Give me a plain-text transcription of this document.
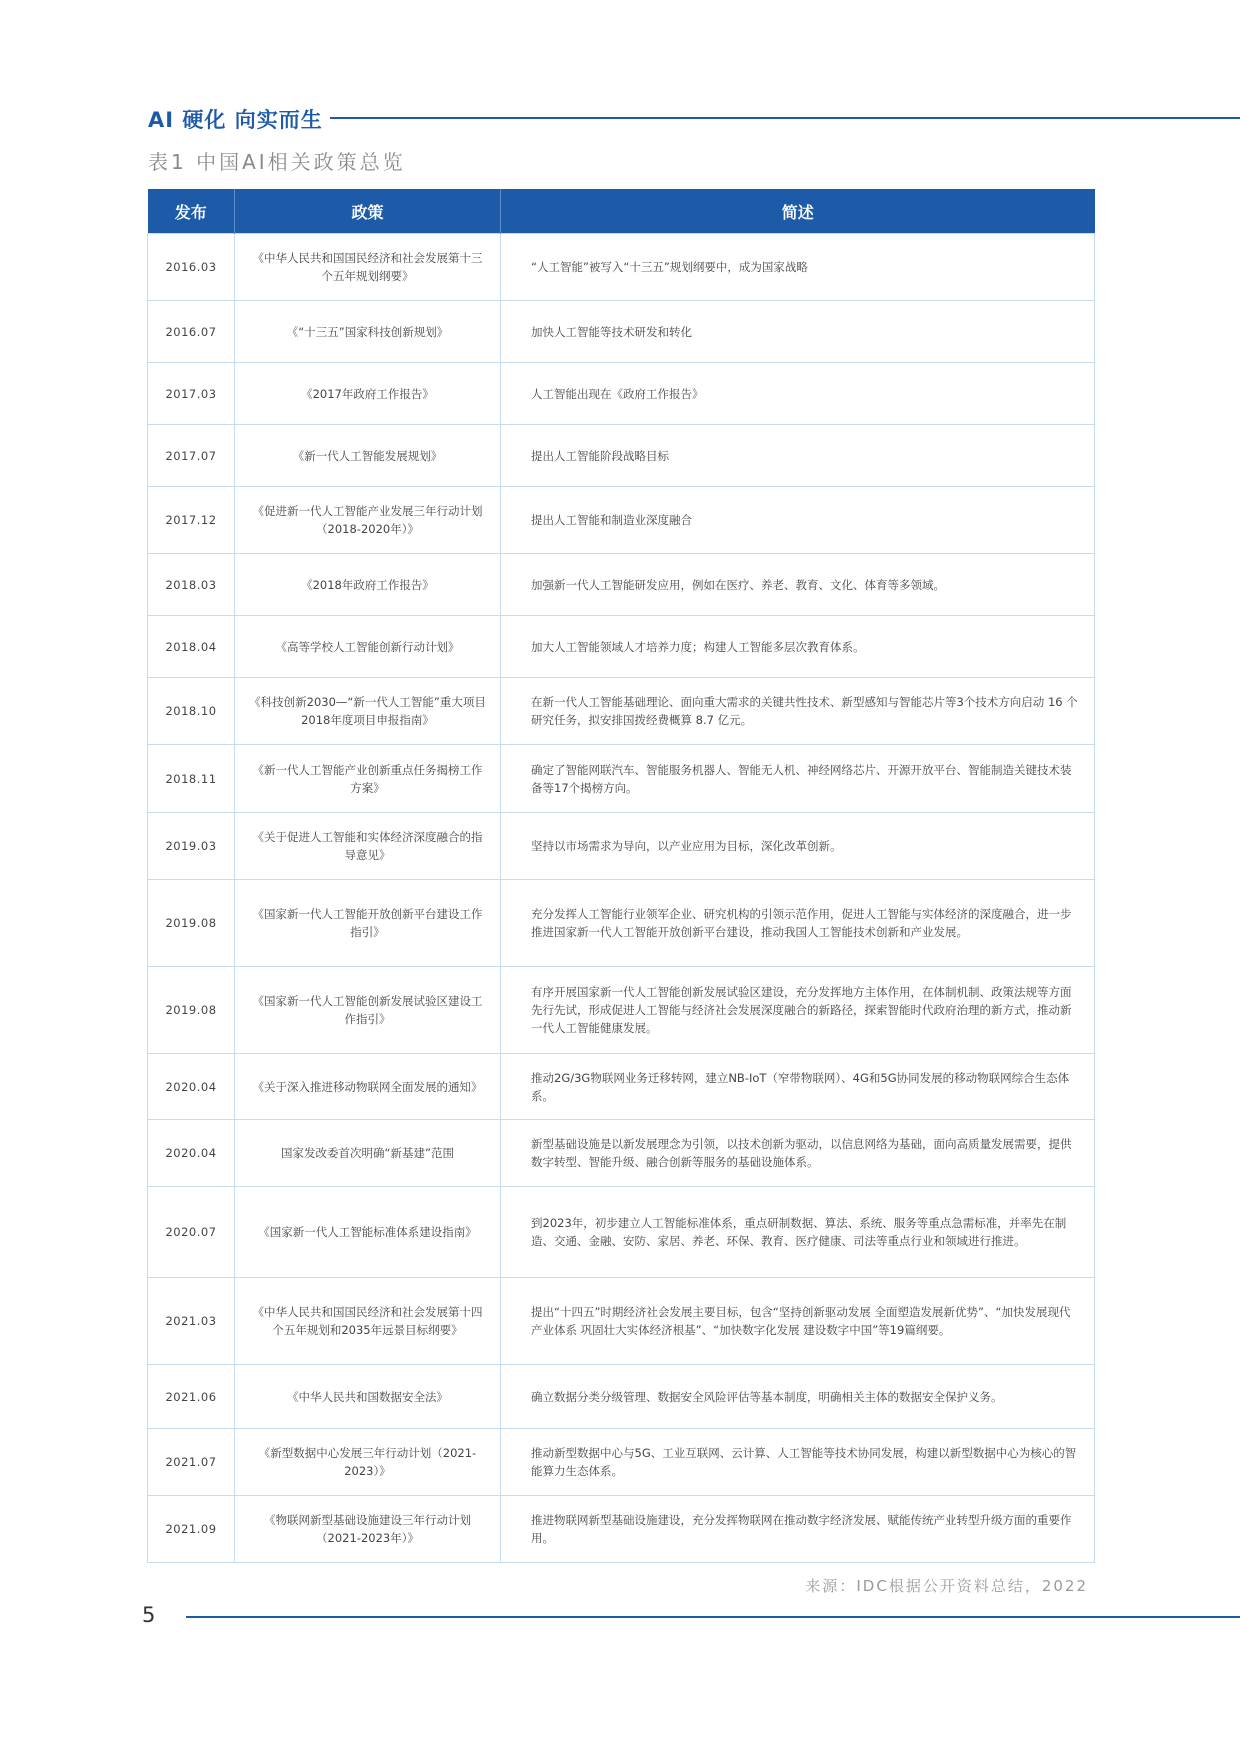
AI 硬化 向实而生
表1 中国AI相关政策总览
发布	政策	简述
2016.03	《中华人民共和国国民经济和社会发展第十三个五年规划纲要》	“人工智能”被写入“十三五”规划纲要中，成为国家战略
2016.07	《“十三五”国家科技创新规划》	加快人工智能等技术研发和转化
2017.03	《2017年政府工作报告》	人工智能出现在《政府工作报告》
2017.07	《新一代人工智能发展规划》	提出人工智能阶段战略目标
2017.12	《促进新一代人工智能产业发展三年行动计划（2018-2020年）》	提出人工智能和制造业深度融合
2018.03	《2018年政府工作报告》	加强新一代人工智能研发应用，例如在医疗、养老、教育、文化、体育等多领域。
2018.04	《高等学校人工智能创新行动计划》	加大人工智能领域人才培养力度；构建人工智能多层次教育体系。
2018.10	《科技创新2030—“新一代人工智能”重大项目2018年度项目申报指南》	在新一代人工智能基础理论、面向重大需求的关键共性技术、新型感知与智能芯片等3个技术方向启动 16 个研究任务，拟安排国拨经费概算 8.7 亿元。
2018.11	《新一代人工智能产业创新重点任务揭榜工作方案》	确定了智能网联汽车、智能服务机器人、智能无人机、神经网络芯片、开源开放平台、智能制造关键技术装备等17个揭榜方向。
2019.03	《关于促进人工智能和实体经济深度融合的指导意见》	坚持以市场需求为导向，以产业应用为目标，深化改革创新。
2019.08	《国家新一代人工智能开放创新平台建设工作指引》	充分发挥人工智能行业领军企业、研究机构的引领示范作用，促进人工智能与实体经济的深度融合，进一步推进国家新一代人工智能开放创新平台建设，推动我国人工智能技术创新和产业发展。
2019.08	《国家新一代人工智能创新发展试验区建设工作指引》	有序开展国家新一代人工智能创新发展试验区建设，充分发挥地方主体作用，在体制机制、政策法规等方面先行先试，形成促进人工智能与经济社会发展深度融合的新路径，探索智能时代政府治理的新方式，推动新一代人工智能健康发展。
2020.04	《关于深入推进移动物联网全面发展的通知》	推动2G/3G物联网业务迁移转网，建立NB-IoT（窄带物联网）、4G和5G协同发展的移动物联网综合生态体系。
2020.04	国家发改委首次明确“新基建”范围	新型基础设施是以新发展理念为引领，以技术创新为驱动，以信息网络为基础，面向高质量发展需要，提供数字转型、智能升级、融合创新等服务的基础设施体系。
2020.07	《国家新一代人工智能标准体系建设指南》	到2023年，初步建立人工智能标准体系，重点研制数据、算法、系统、服务等重点急需标准，并率先在制造、交通、金融、安防、家居、养老、环保、教育、医疗健康、司法等重点行业和领域进行推进。
2021.03	《中华人民共和国国民经济和社会发展第十四个五年规划和2035年远景目标纲要》	提出“十四五”时期经济社会发展主要目标，包含“坚持创新驱动发展 全面塑造发展新优势”、“加快发展现代产业体系 巩固壮大实体经济根基”、“加快数字化发展 建设数字中国”等19篇纲要。
2021.06	《中华人民共和国数据安全法》	确立数据分类分级管理、数据安全风险评估等基本制度，明确相关主体的数据安全保护义务。
2021.07	《新型数据中心发展三年行动计划（2021-2023）》	推动新型数据中心与5G、工业互联网、云计算、人工智能等技术协同发展，构建以新型数据中心为核心的智能算力生态体系。
2021.09	《物联网新型基础设施建设三年行动计划（2021-2023年）》	推进物联网新型基础设施建设，充分发挥物联网在推动数字经济发展、赋能传统产业转型升级方面的重要作用。
来源：IDC根据公开资料总结，2022
5
